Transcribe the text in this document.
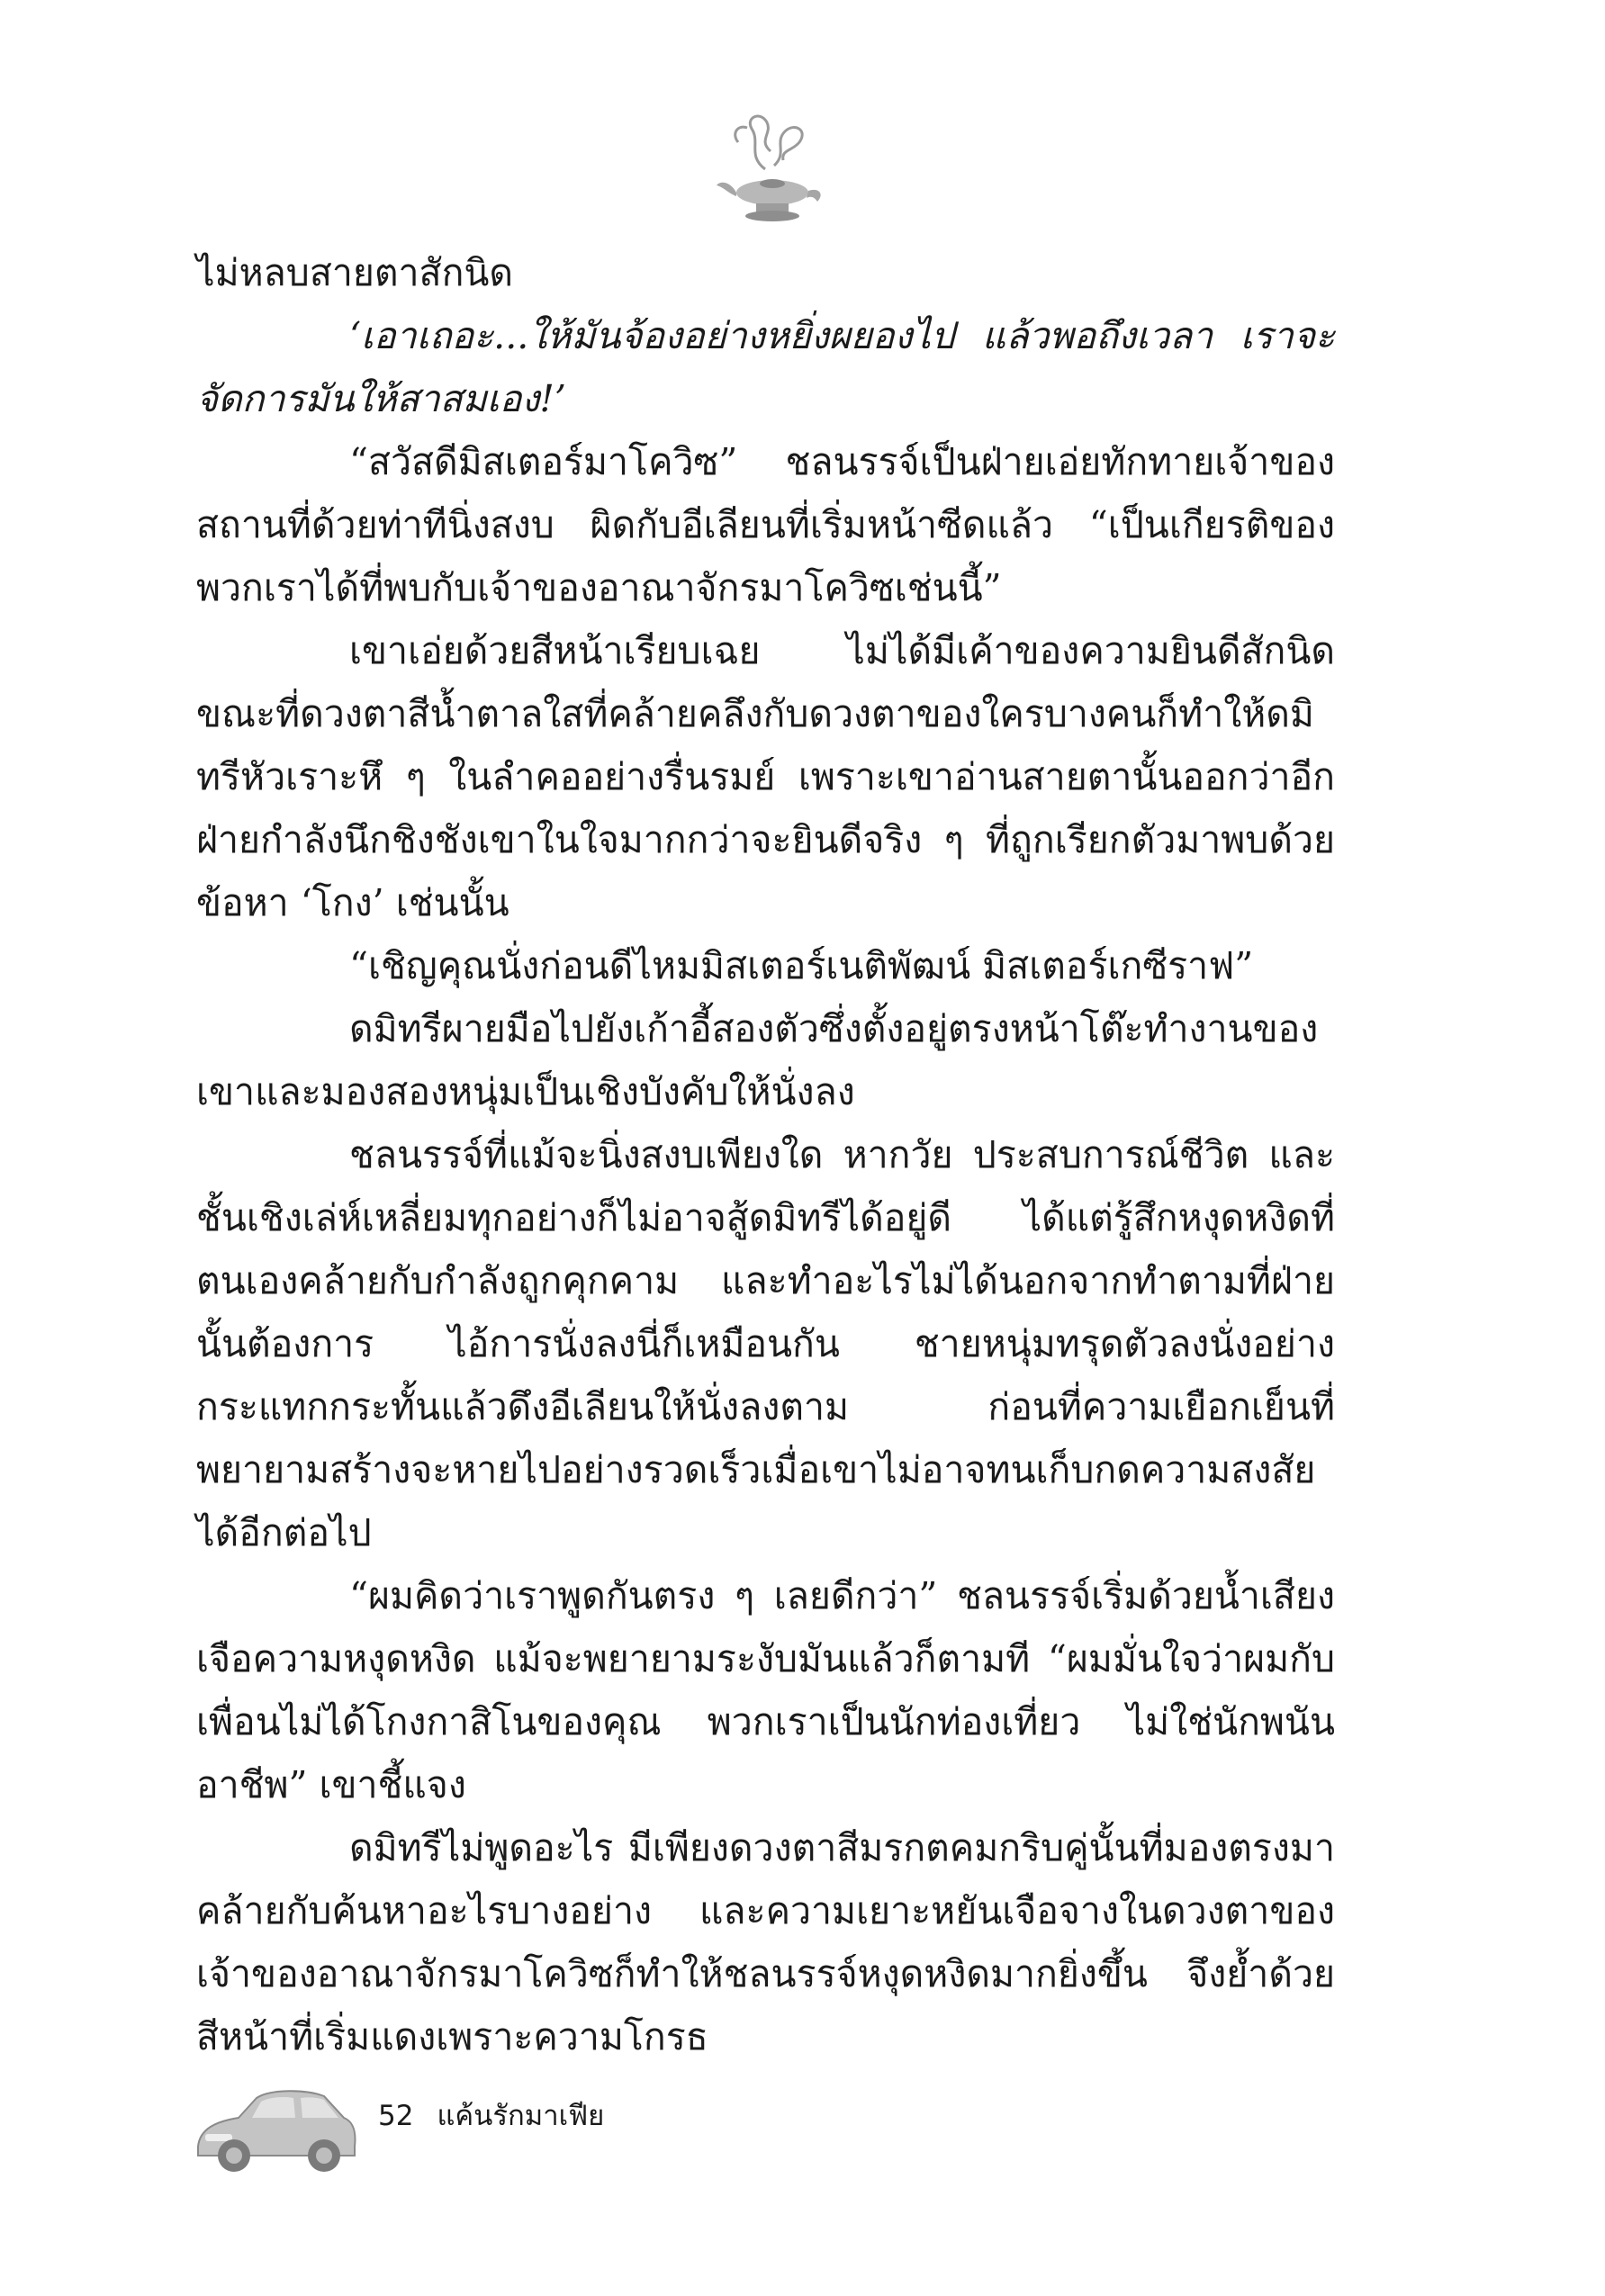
ไม่หลบสายตาสักนิด

‘เอาเถอะ...ให้มันจ้องอย่างหยิ่งผยองไป แล้วพอถึงเวลา เราจะจัดการมันให้สาสมเอง!’

“สวัสดีมิสเตอร์มาโควิซ” ชลนรรจ์เป็นฝ่ายเอ่ยทักทายเจ้าของสถานที่ด้วยท่าทีนิ่งสงบ ผิดกับอีเลียนที่เริ่มหน้าซีดแล้ว “เป็นเกียรติของพวกเราได้ที่พบกับเจ้าของอาณาจักรมาโควิซเช่นนี้”

เขาเอ่ยด้วยสีหน้าเรียบเฉย ไม่ได้มีเค้าของความยินดีสักนิด ขณะที่ดวงตาสีน้ำตาลใสที่คล้ายคลึงกับดวงตาของใครบางคนก็ทำให้ดมิทรีหัวเราะหึ ๆ ในลำคออย่างรื่นรมย์ เพราะเขาอ่านสายตานั้นออกว่าอีกฝ่ายกำลังนึกชิงชังเขาในใจมากกว่าจะยินดีจริง ๆ ที่ถูกเรียกตัวมาพบด้วยข้อหา ‘โกง’ เช่นนั้น

“เชิญคุณนั่งก่อนดีไหมมิสเตอร์เนติพัฒน์ มิสเตอร์เกซีราฟ”

ดมิทรีผายมือไปยังเก้าอี้สองตัวซึ่งตั้งอยู่ตรงหน้าโต๊ะทำงานของเขาและมองสองหนุ่มเป็นเชิงบังคับให้นั่งลง

ชลนรรจ์ที่แม้จะนิ่งสงบเพียงใด หากวัย ประสบการณ์ชีวิต และชั้นเชิงเล่ห์เหลี่ยมทุกอย่างก็ไม่อาจสู้ดมิทรีได้อยู่ดี ได้แต่รู้สึกหงุดหงิดที่ตนเองคล้ายกับกำลังถูกคุกคาม และทำอะไรไม่ได้นอกจากทำตามที่ฝ่ายนั้นต้องการ ไอ้การนั่งลงนี่ก็เหมือนกัน ชายหนุ่มทรุดตัวลงนั่งอย่างกระแทกกระทั้นแล้วดึงอีเลียนให้นั่งลงตาม ก่อนที่ความเยือกเย็นที่พยายามสร้างจะหายไปอย่างรวดเร็วเมื่อเขาไม่อาจทนเก็บกดความสงสัยได้อีกต่อไป

“ผมคิดว่าเราพูดกันตรง ๆ เลยดีกว่า” ชลนรรจ์เริ่มด้วยน้ำเสียงเจือความหงุดหงิด แม้จะพยายามระงับมันแล้วก็ตามที “ผมมั่นใจว่าผมกับเพื่อนไม่ได้โกงกาสิโนของคุณ พวกเราเป็นนักท่องเที่ยว ไม่ใช่นักพนันอาชีพ” เขาชี้แจง

ดมิทรีไม่พูดอะไร มีเพียงดวงตาสีมรกตคมกริบคู่นั้นที่มองตรงมาคล้ายกับค้นหาอะไรบางอย่าง และความเยาะหยันเจือจางในดวงตาของเจ้าของอาณาจักรมาโควิซก็ทำให้ชลนรรจ์หงุดหงิดมากยิ่งขึ้น จึงย้ำด้วยสีหน้าที่เริ่มแดงเพราะความโกรธ

52 แค้นรักมาเฟีย
